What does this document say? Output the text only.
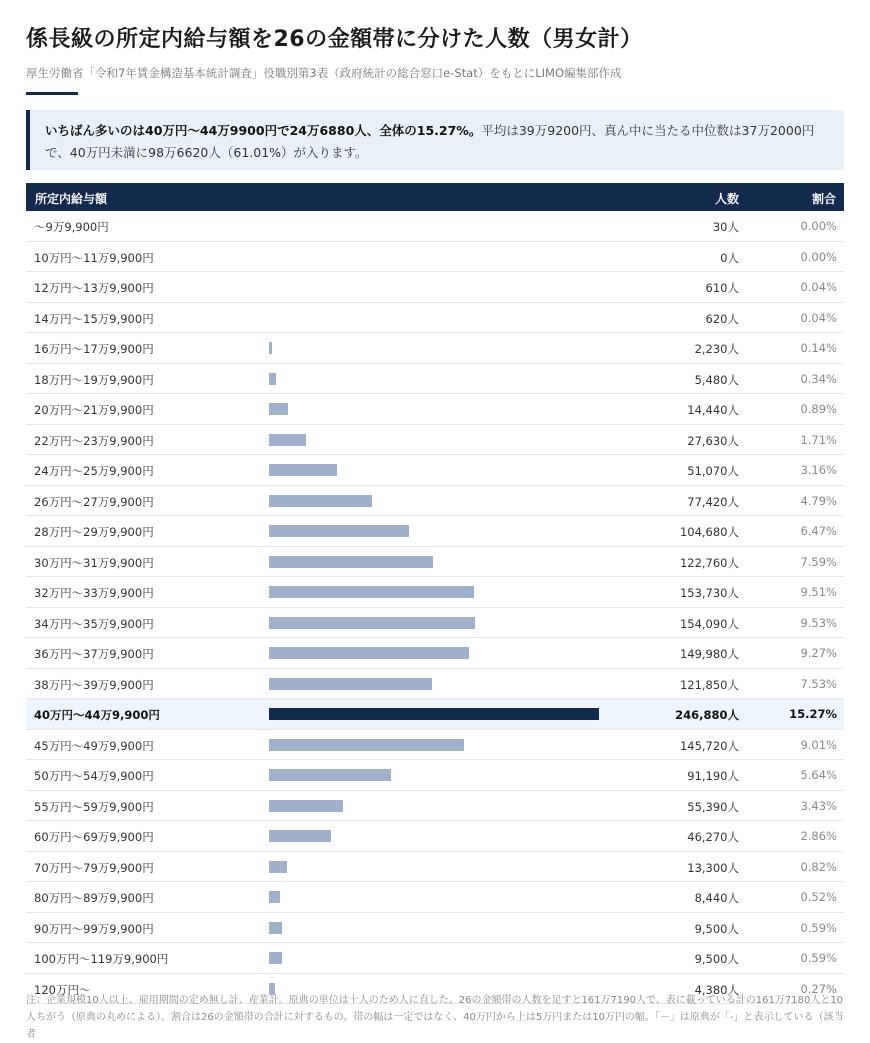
係長級の所定内給与額を26の金額帯に分けた人数（男女計）
厚生労働省「令和7年賃金構造基本統計調査」役職別第3表（政府統計の総合窓口e-Stat）をもとにLIMO編集部作成
いちばん多いのは40万円～44万9900円で24万6880人、全体の15.27%。平均は39万9200円、真ん中に当たる中位数は37万2000円で、40万円未満に98万6620人（61.01%）が入ります。
所定内給与額	人数	割合
～9万9,900円	30人	0.00%
10万円～11万9,900円	0人	0.00%
12万円～13万9,900円	610人	0.04%
14万円～15万9,900円	620人	0.04%
16万円～17万9,900円	2,230人	0.14%
18万円～19万9,900円	5,480人	0.34%
20万円～21万9,900円	14,440人	0.89%
22万円～23万9,900円	27,630人	1.71%
24万円～25万9,900円	51,070人	3.16%
26万円～27万9,900円	77,420人	4.79%
28万円～29万9,900円	104,680人	6.47%
30万円～31万9,900円	122,760人	7.59%
32万円～33万9,900円	153,730人	9.51%
34万円～35万9,900円	154,090人	9.53%
36万円～37万9,900円	149,980人	9.27%
38万円～39万9,900円	121,850人	7.53%
40万円～44万9,900円	246,880人	15.27%
45万円～49万9,900円	145,720人	9.01%
50万円～54万9,900円	91,190人	5.64%
55万円～59万9,900円	55,390人	3.43%
60万円～69万9,900円	46,270人	2.86%
70万円～79万9,900円	13,300人	0.82%
80万円～89万9,900円	8,440人	0.52%
90万円～99万9,900円	9,500人	0.59%
100万円～119万9,900円	9,500人	0.59%
120万円～	4,380人	0.27%
注：企業規模10人以上、雇用期間の定め無し計、産業計。原典の単位は十人のため人に直した。26の金額帯の人数を足すと161万7190人で、表に載っている計の161万7180人と10人ちがう（原典の丸めによる）。割合は26の金額帯の合計に対するもの。帯の幅は一定ではなく、40万円から上は5万円または10万円の幅。「－」は原典が「-」と表示している（該当者
